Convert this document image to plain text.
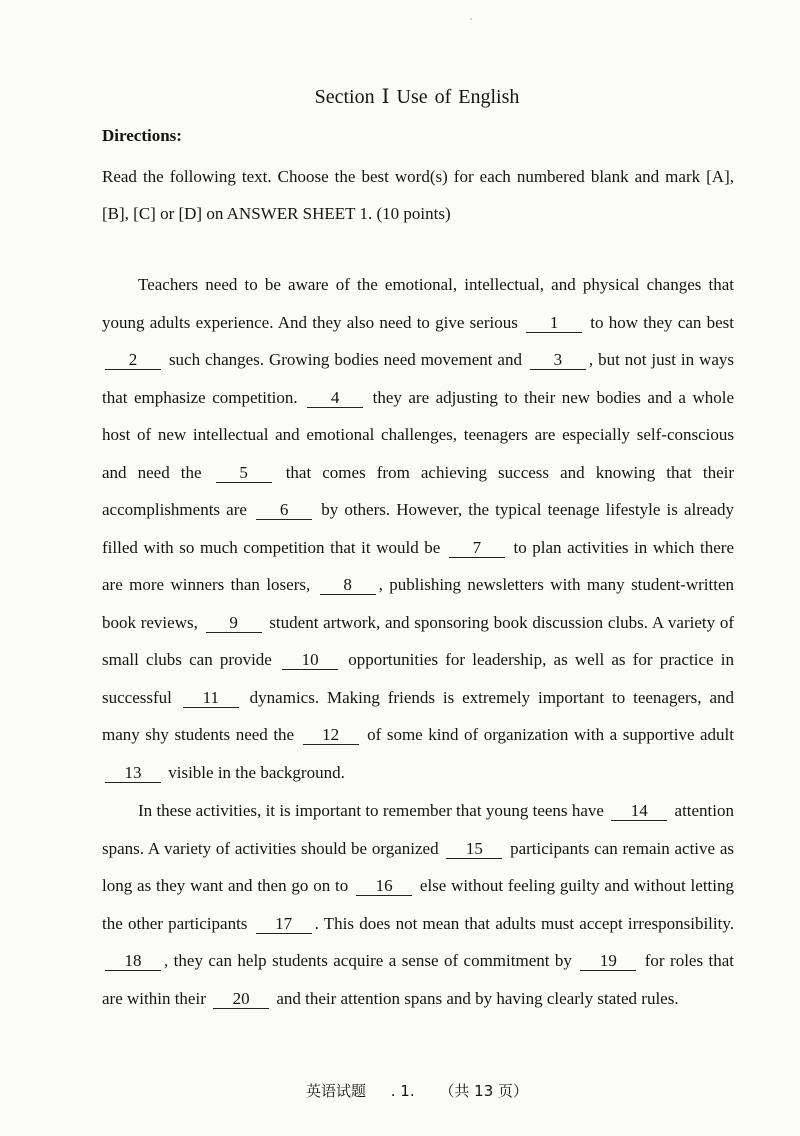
Section Ⅰ Use of English
Directions:
Read the following text. Choose the best word(s) for each numbered blank and mark [A], [B], [C] or [D] on ANSWER SHEET 1. (10 points)

Teachers need to be aware of the emotional, intellectual, and physical changes that young adults experience. And they also need to give serious 1 to how they can best 2 such changes. Growing bodies need movement and 3 , but not just in ways that emphasize competition. 4 they are adjusting to their new bodies and a whole host of new intellectual and emotional challenges, teenagers are especially self-conscious and need the 5 that comes from achieving success and knowing that their accomplishments are 6 by others. However, the typical teenage lifestyle is already filled with so much competition that it would be 7 to plan activities in which there are more winners than losers, 8 , publishing newsletters with many student-written book reviews, 9 student artwork, and sponsoring book discussion clubs. A variety of small clubs can provide 10 opportunities for leadership, as well as for practice in successful 11 dynamics. Making friends is extremely important to teenagers, and many shy students need the 12 of some kind of organization with a supportive adult 13 visible in the background.

In these activities, it is important to remember that young teens have 14 attention spans. A variety of activities should be organized 15 participants can remain active as long as they want and then go on to 16 else without feeling guilty and without letting the other participants 17 . This does not mean that adults must accept irresponsibility. 18 , they can help students acquire a sense of commitment by 19 for roles that are within their 20 and their attention spans and by having clearly stated rules.

英语试题 . 1. （共 13 页）
